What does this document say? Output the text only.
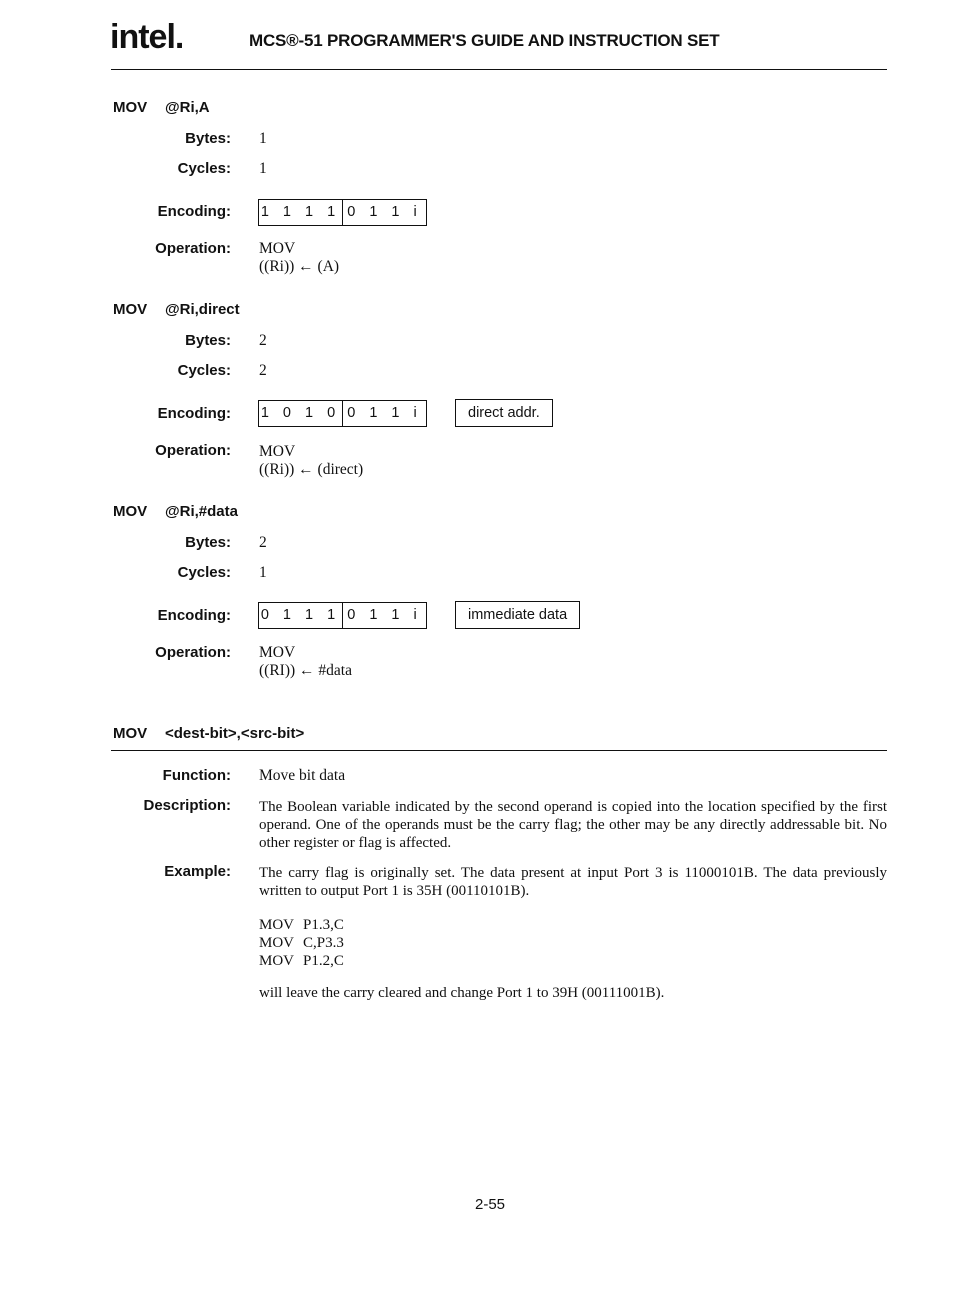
intel.	MCS®-51 PROGRAMMER'S GUIDE AND INSTRUCTION SET
MOV @Ri,A
Bytes: 1
Cycles: 1
Encoding: 1 1 1 1 0 1 1 i
Operation: MOV
((Ri)) ← (A)
MOV @Ri,direct
Bytes: 2
Cycles: 2
Encoding: 1 0 1 0 0 1 1 i	direct addr.
Operation: MOV
((Ri)) ← (direct)
MOV @Ri,#data
Bytes: 2
Cycles: 1
Encoding: 0 1 1 1 0 1 1 i	immediate data
Operation: MOV
((RI)) ← #data
MOV <dest-bit>,<src-bit>
Function: Move bit data
Description: The Boolean variable indicated by the second operand is copied into the location specified by the first operand. One of the operands must be the carry flag; the other may be any directly addressable bit. No other register or flag is affected.
Example: The carry flag is originally set. The data present at input Port 3 is 11000101B. The data previously written to output Port 1 is 35H (00110101B).
MOV P1.3,C
MOV C,P3.3
MOV P1.2,C
will leave the carry cleared and change Port 1 to 39H (00111001B).
2-55
